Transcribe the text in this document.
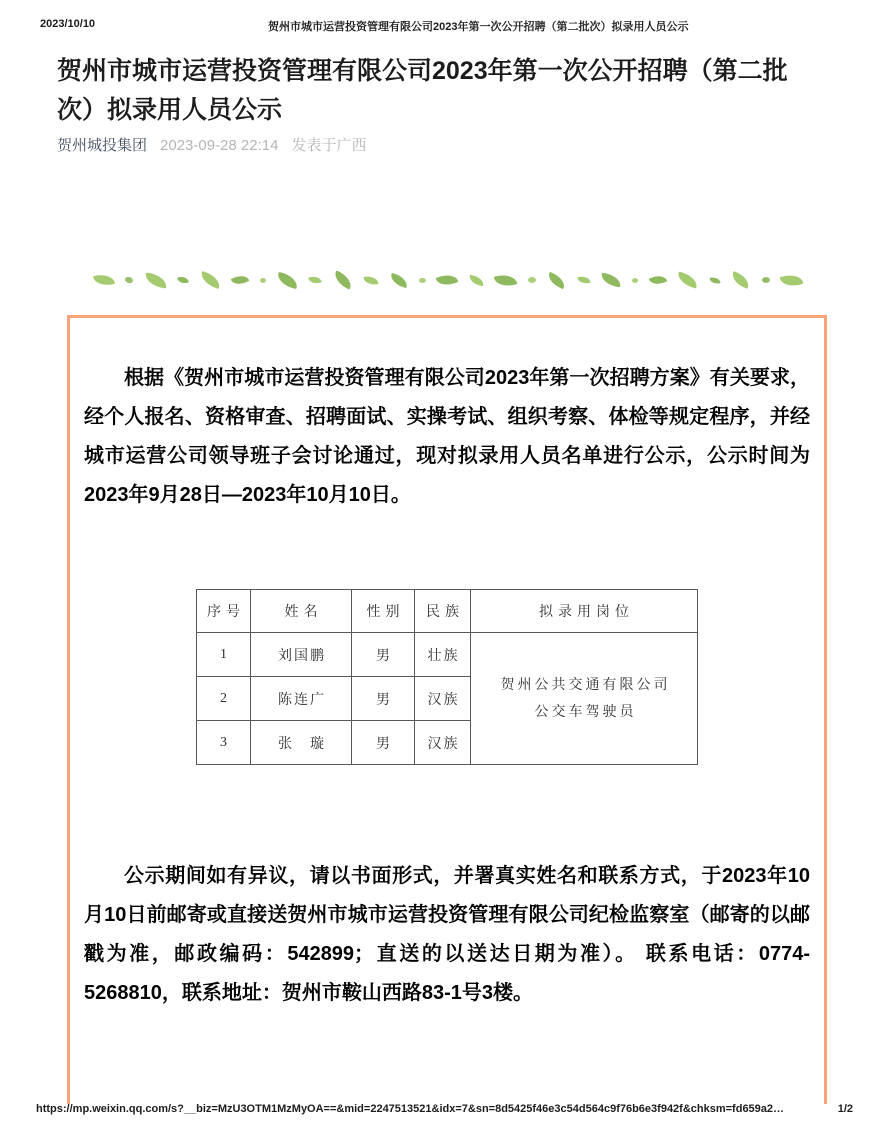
2023/10/10	贺州市城市运营投资管理有限公司2023年第一次公开招聘（第二批次）拟录用人员公示
贺州市城市运营投资管理有限公司2023年第一次公开招聘（第二批次）拟录用人员公示
贺州城投集团 2023-09-28 22:14 发表于广西

根据《贺州市城市运营投资管理有限公司2023年第一次招聘方案》有关要求，经个人报名、资格审查、招聘面试、实操考试、组织考察、体检等规定程序，并经城市运营公司领导班子会讨论通过，现对拟录用人员名单进行公示，公示时间为2023年9月28日—2023年10月10日。

序号	姓名	性别	民族	拟录用岗位
1	刘国鹏	男	壮族	贺州公共交通有限公司
公交车驾驶员

2	陈连广	男	汉族	
3	张　璇	男	汉族	

公示期间如有异议，请以书面形式，并署真实姓名和联系方式，于2023年10月10日前邮寄或直接送贺州市城市运营投资管理有限公司纪检监察室（邮寄的以邮戳为准，邮政编码：542899；直送的以送达日期为准）。 联系电话：0774-5268810，联系地址：贺州市鞍山西路83-1号3楼。

https://mp.weixin.qq.com/s?__biz=MzU3OTM1MzMyOA==&mid=2247513521&idx=7&sn=8d5425f46e3c54d564c9f76b6e3f942f&chksm=fd659a2…	1/2
